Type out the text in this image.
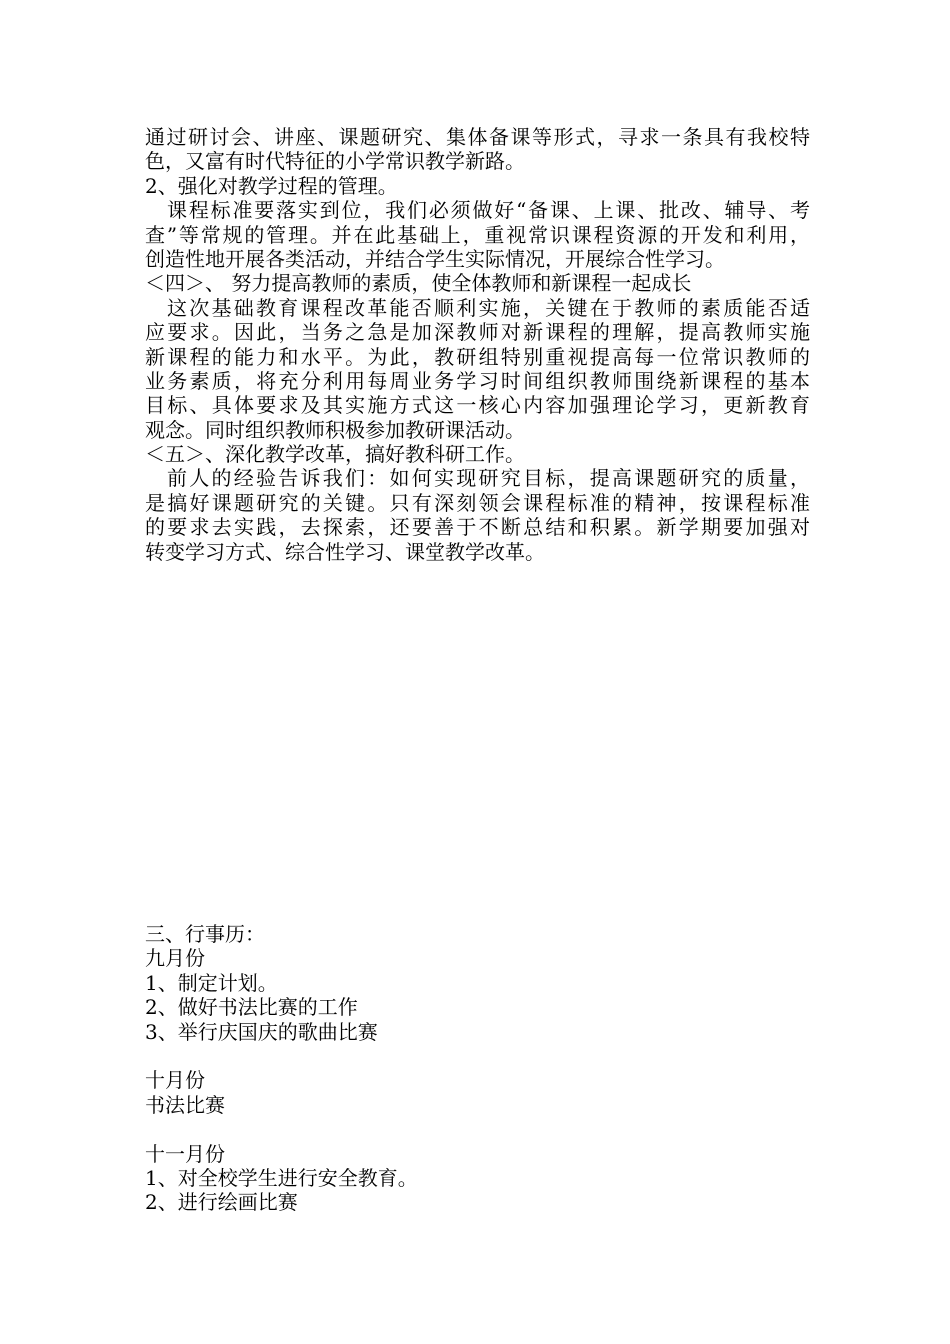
通过研讨会、讲座、课题研究、集体备课等形式，寻求一条具有我校特
色，又富有时代特征的小学常识教学新路。
2、强化对教学过程的管理。
课程标准要落实到位，我们必须做好“备课、上课、批改、辅导、考
查”等常规的管理。并在此基础上，重视常识课程资源的开发和利用，
创造性地开展各类活动，并结合学生实际情况，开展综合性学习。
＜四＞、 努力提高教师的素质，使全体教师和新课程一起成长
这次基础教育课程改革能否顺利实施，关键在于教师的素质能否适
应要求。因此，当务之急是加深教师对新课程的理解，提高教师实施
新课程的能力和水平。为此，教研组特别重视提高每一位常识教师的
业务素质，将充分利用每周业务学习时间组织教师围绕新课程的基本
目标、具体要求及其实施方式这一核心内容加强理论学习，更新教育
观念。同时组织教师积极参加教研课活动。
＜五＞、深化教学改革，搞好教科研工作。
前人的经验告诉我们：如何实现研究目标，提高课题研究的质量，
是搞好课题研究的关键。只有深刻领会课程标准的精神，按课程标准
的要求去实践，去探索，还要善于不断总结和积累。新学期要加强对
转变学习方式、综合性学习、课堂教学改革。
三、行事历：
九月份
1、制定计划。
2、做好书法比赛的工作
3、举行庆国庆的歌曲比赛
十月份
书法比赛
十一月份
1、对全校学生进行安全教育。
2、进行绘画比赛
